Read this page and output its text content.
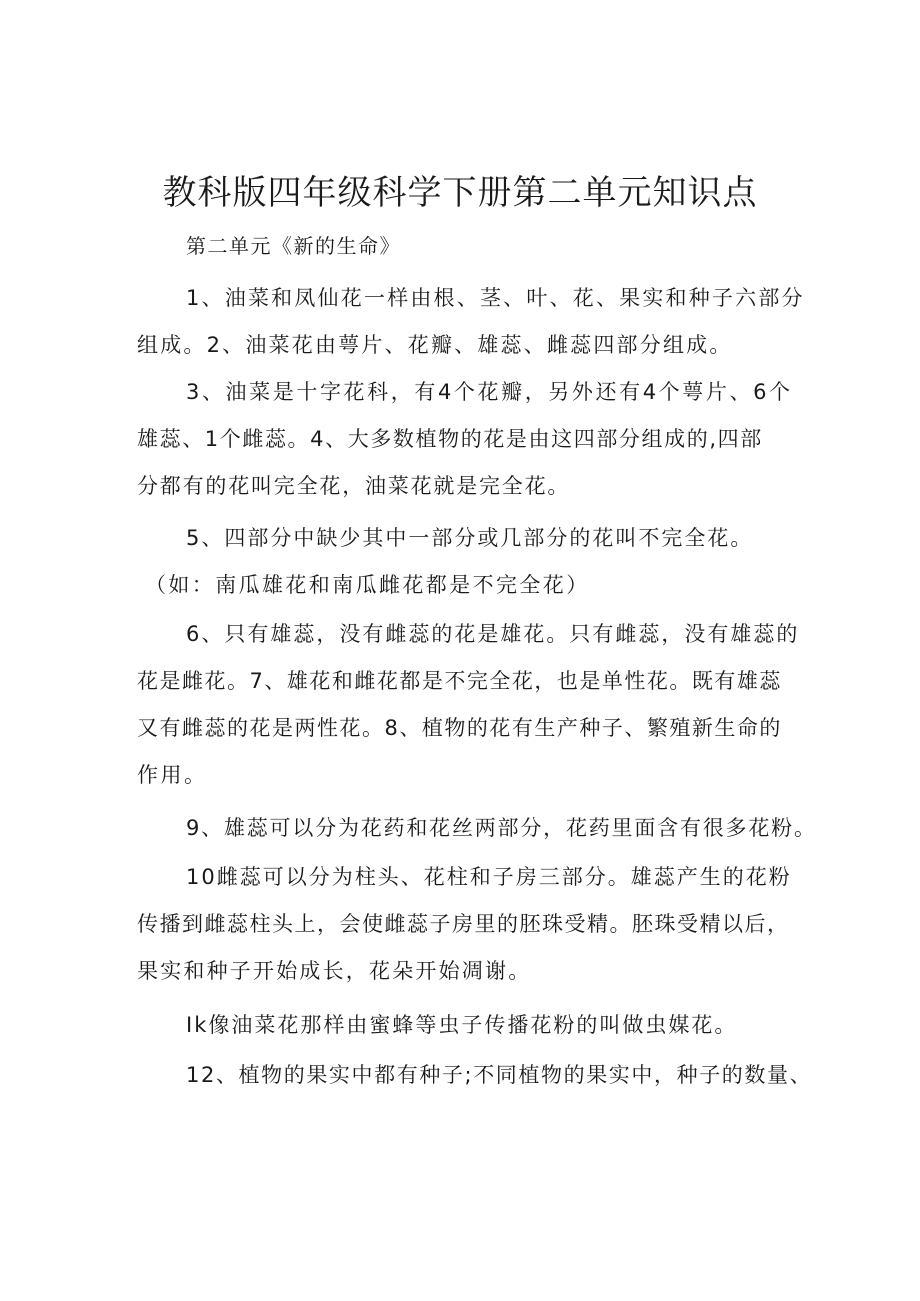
教科版四年级科学下册第二单元知识点
第二单元《新的生命》
1、油菜和凤仙花一样由根、茎、叶、花、果实和种子六部分
组成。2、油菜花由萼片、花瓣、雄蕊、雌蕊四部分组成。
3、油菜是十字花科，有4个花瓣，另外还有4个萼片、6个
雄蕊、1个雌蕊。4、大多数植物的花是由这四部分组成的,四部
分都有的花叫完全花，油菜花就是完全花。
5、四部分中缺少其中一部分或几部分的花叫不完全花。
（如：南瓜雄花和南瓜雌花都是不完全花）
6、只有雄蕊，没有雌蕊的花是雄花。只有雌蕊，没有雄蕊的
花是雌花。7、雄花和雌花都是不完全花，也是单性花。既有雄蕊
又有雌蕊的花是两性花。8、植物的花有生产种子、繁殖新生命的
作用。
9、雄蕊可以分为花药和花丝两部分，花药里面含有很多花粉。
10雌蕊可以分为柱头、花柱和子房三部分。雄蕊产生的花粉
传播到雌蕊柱头上，会使雌蕊子房里的胚珠受精。胚珠受精以后，
果实和种子开始成长，花朵开始凋谢。
Ik像油菜花那样由蜜蜂等虫子传播花粉的叫做虫媒花。
12、植物的果实中都有种子;不同植物的果实中，种子的数量、
